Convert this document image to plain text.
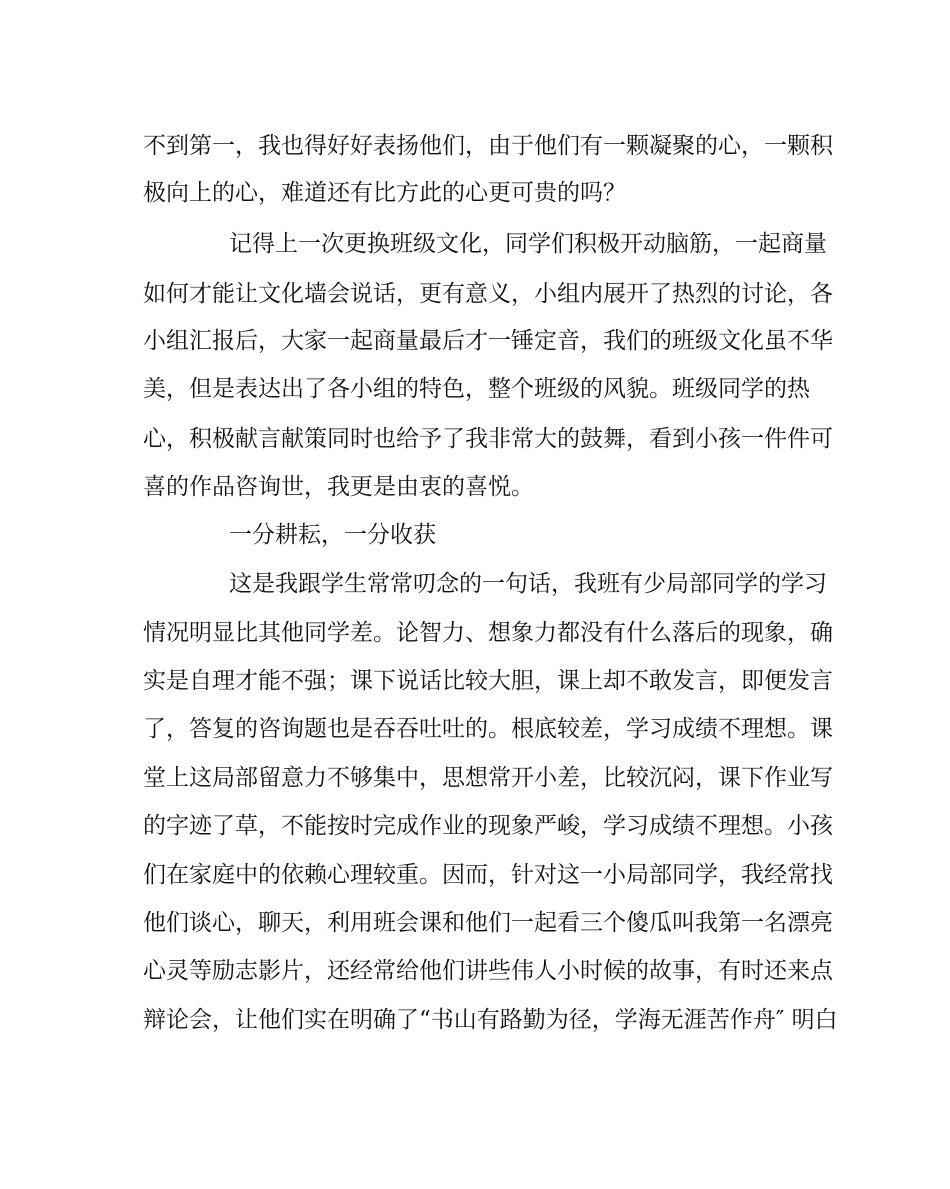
不到第一，我也得好好表扬他们，由于他们有一颗凝聚的心，一颗积
极向上的心，难道还有比方此的心更可贵的吗？
记得上一次更换班级文化，同学们积极开动脑筋，一起商量
如何才能让文化墙会说话，更有意义，小组内展开了热烈的讨论，各
小组汇报后，大家一起商量最后才一锤定音，我们的班级文化虽不华
美，但是表达出了各小组的特色，整个班级的风貌。班级同学的热
心，积极献言献策同时也给予了我非常大的鼓舞，看到小孩一件件可
喜的作品咨询世，我更是由衷的喜悦。
一分耕耘，一分收获
这是我跟学生常常叨念的一句话，我班有少局部同学的学习
情况明显比其他同学差。论智力、想象力都没有什么落后的现象，确
实是自理才能不强；课下说话比较大胆，课上却不敢发言，即便发言
了，答复的咨询题也是吞吞吐吐的。根底较差，学习成绩不理想。课
堂上这局部留意力不够集中，思想常开小差，比较沉闷，课下作业写
的字迹了草，不能按时完成作业的现象严峻，学习成绩不理想。小孩
们在家庭中的依赖心理较重。因而，针对这一小局部同学，我经常找
他们谈心，聊天，利用班会课和他们一起看三个傻瓜叫我第一名漂亮
心灵等励志影片，还经常给他们讲些伟人小时候的故事，有时还来点
辩论会，让他们实在明确了“书山有路勤为径，学海无涯苦作舟″ 明白
